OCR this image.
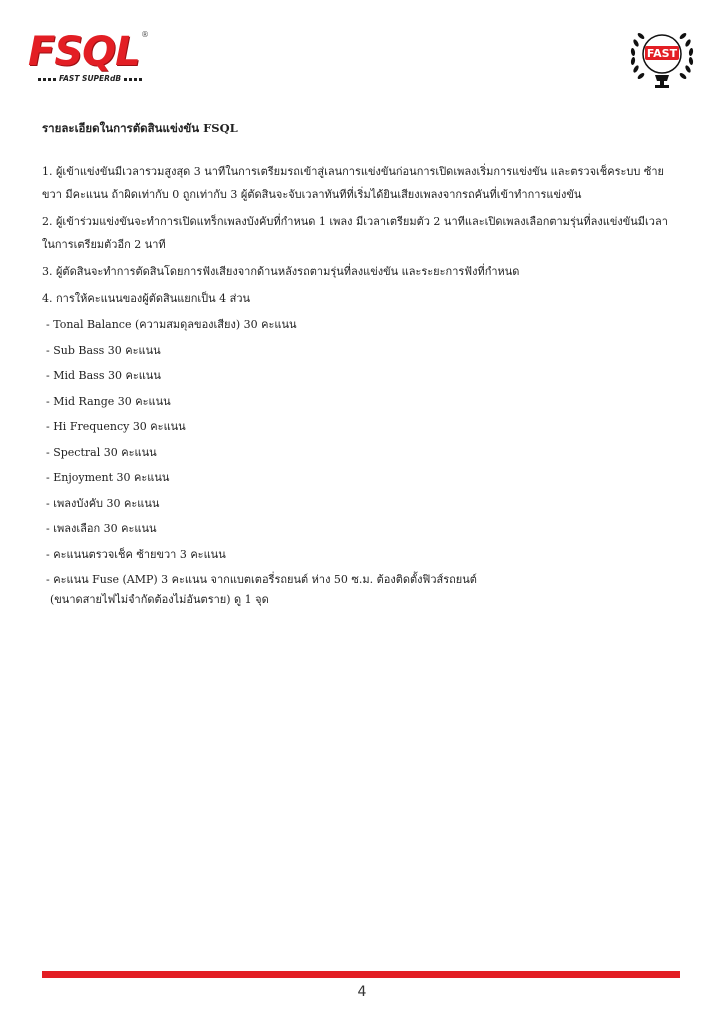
FSQL ®
FAST SUPERdB
FAST
รายละเอียดในการตัดสินแข่งขัน FSQL
1. ผู้เข้าแข่งขันมีเวลารวมสูงสุด 3 นาทีในการเตรียมรถเข้าสู่เลนการแข่งขันก่อนการเปิดเพลงเริ่มการแข่งขัน และตรวจเช็คระบบ ซ้ายขวา มีคะแนน ถ้าผิดเท่ากับ 0 ถูกเท่ากับ 3 ผู้ตัดสินจะจับเวลาทันทีที่เริ่มได้ยินเสียงเพลงจากรถคันที่เข้าทำการแข่งขัน
2. ผู้เข้าร่วมแข่งขันจะทำการเปิดแทร็กเพลงบังคับที่กำหนด 1 เพลง มีเวลาเตรียมตัว 2 นาทีและเปิดเพลงเลือกตามรุ่นที่ลงแข่งขันมีเวลา ในการเตรียมตัวอีก 2 นาที
3. ผู้ตัดสินจะทำการตัดสินโดยการฟังเสียงจากด้านหลังรถตามรุ่นที่ลงแข่งขัน และระยะการฟังที่กำหนด
4. การให้คะแนนของผู้ตัดสินแยกเป็น 4 ส่วน
- Tonal Balance (ความสมดุลของเสียง) 30 คะแนน
- Sub Bass 30 คะแนน
- Mid Bass 30 คะแนน
- Mid Range 30 คะแนน
- Hi Frequency 30 คะแนน
- Spectral 30 คะแนน
- Enjoyment 30 คะแนน
- เพลงบังคับ 30 คะแนน
- เพลงเลือก 30 คะแนน
- คะแนนตรวจเช็ค ซ้ายขวา 3 คะแนน
- คะแนน Fuse (AMP) 3 คะแนน จากแบตเตอรี่รถยนต์ ห่าง 50 ซ.ม. ต้องติดตั้งฟิวส์รถยนต์
(ขนาดสายไฟไม่จำกัดต้องไม่อันตราย) ดู 1 จุด
4
